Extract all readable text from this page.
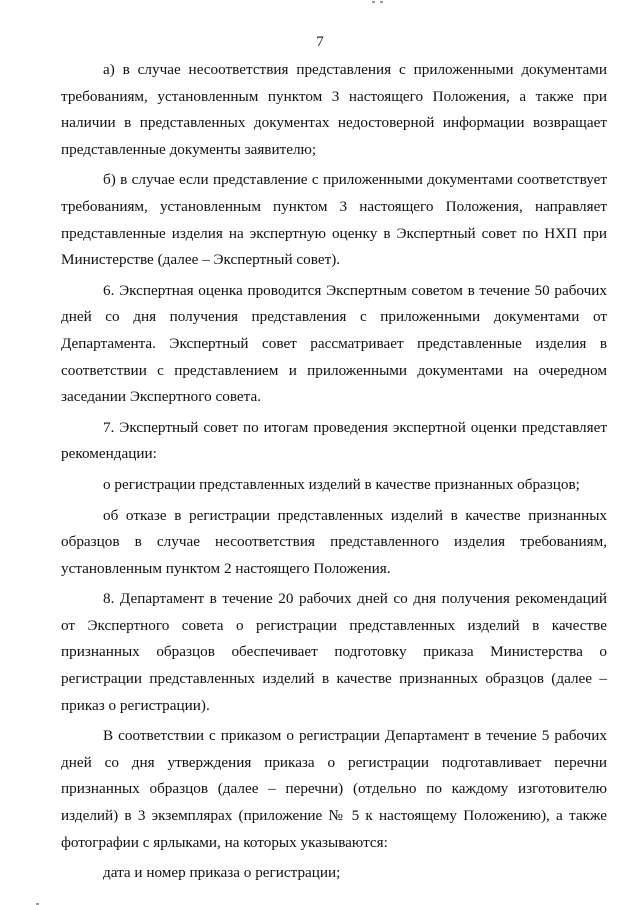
7

а) в случае несоответствия представления с приложенными документами требованиям, установленным пунктом 3 настоящего Положения, а также при наличии в представленных документах недостоверной информации возвращает представленные документы заявителю;

б) в случае если представление с приложенными документами соответствует требованиям, установленным пунктом 3 настоящего Положения, направляет представленные изделия на экспертную оценку в Экспертный совет по НХП при Министерстве (далее – Экспертный совет).

6. Экспертная оценка проводится Экспертным советом в течение 50 рабочих дней со дня получения представления с приложенными документами от Департамента. Экспертный совет рассматривает представленные изделия в соответствии с представлением и приложенными документами на очередном заседании Экспертного совета.

7. Экспертный совет по итогам проведения экспертной оценки представляет рекомендации:

о регистрации представленных изделий в качестве признанных образцов;

об отказе в регистрации представленных изделий в качестве признанных образцов в случае несоответствия представленного изделия требованиям, установленным пунктом 2 настоящего Положения.

8. Департамент в течение 20 рабочих дней со дня получения рекомендаций от Экспертного совета о регистрации представленных изделий в качестве признанных образцов обеспечивает подготовку приказа Министерства о регистрации представленных изделий в качестве признанных образцов (далее – приказ о регистрации).

В соответствии с приказом о регистрации Департамент в течение 5 рабочих дней со дня утверждения приказа о регистрации подготавливает перечни признанных образцов (далее – перечни) (отдельно по каждому изготовителю изделий) в 3 экземплярах (приложение № 5 к настоящему Положению), а также фотографии с ярлыками, на которых указываются:

дата и номер приказа о регистрации;
